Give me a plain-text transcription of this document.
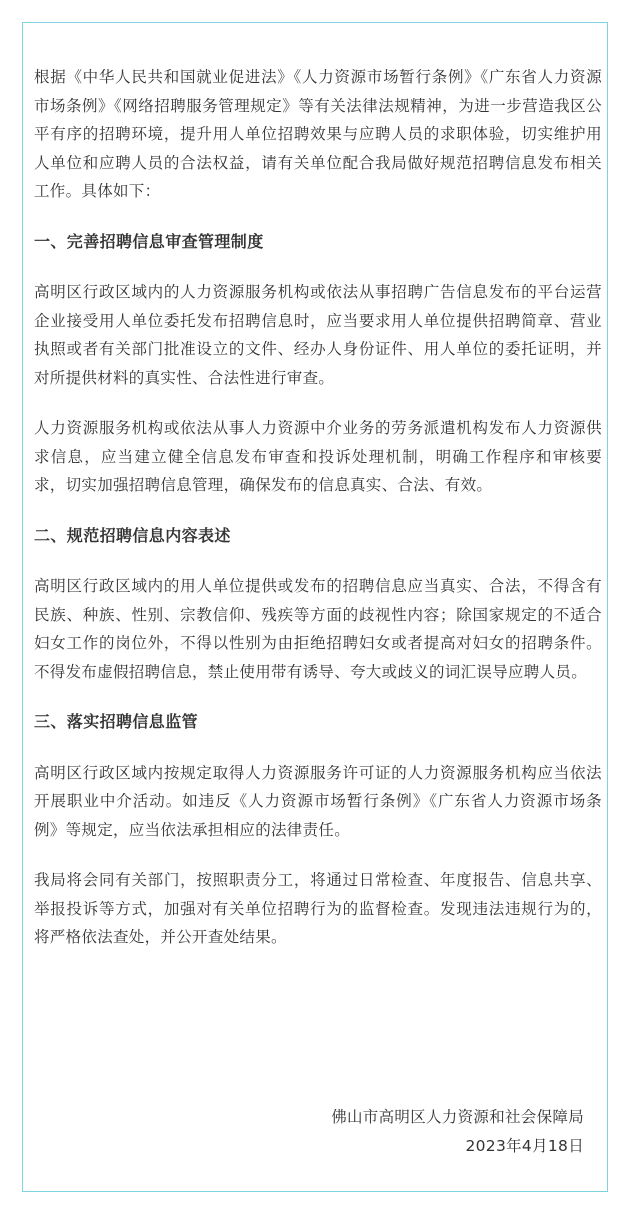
根据《中华人民共和国就业促进法》《人力资源市场暂行条例》《广东省人力资源市场条例》《网络招聘服务管理规定》等有关法律法规精神，为进一步营造我区公平有序的招聘环境，提升用人单位招聘效果与应聘人员的求职体验，切实维护用人单位和应聘人员的合法权益，请有关单位配合我局做好规范招聘信息发布相关工作。具体如下：

一、完善招聘信息审查管理制度

高明区行政区域内的人力资源服务机构或依法从事招聘广告信息发布的平台运营企业接受用人单位委托发布招聘信息时，应当要求用人单位提供招聘简章、营业执照或者有关部门批准设立的文件、经办人身份证件、用人单位的委托证明，并对所提供材料的真实性、合法性进行审查。

人力资源服务机构或依法从事人力资源中介业务的劳务派遣机构发布人力资源供求信息，应当建立健全信息发布审查和投诉处理机制，明确工作程序和审核要求，切实加强招聘信息管理，确保发布的信息真实、合法、有效。

二、规范招聘信息内容表述

高明区行政区域内的用人单位提供或发布的招聘信息应当真实、合法，不得含有民族、种族、性别、宗教信仰、残疾等方面的歧视性内容；除国家规定的不适合妇女工作的岗位外，不得以性别为由拒绝招聘妇女或者提高对妇女的招聘条件。不得发布虚假招聘信息，禁止使用带有诱导、夸大或歧义的词汇误导应聘人员。

三、落实招聘信息监管

高明区行政区域内按规定取得人力资源服务许可证的人力资源服务机构应当依法开展职业中介活动。如违反《人力资源市场暂行条例》《广东省人力资源市场条例》等规定，应当依法承担相应的法律责任。

我局将会同有关部门，按照职责分工，将通过日常检查、年度报告、信息共享、举报投诉等方式，加强对有关单位招聘行为的监督检查。发现违法违规行为的，将严格依法查处，并公开查处结果。

佛山市高明区人力资源和社会保障局
2023年4月18日
